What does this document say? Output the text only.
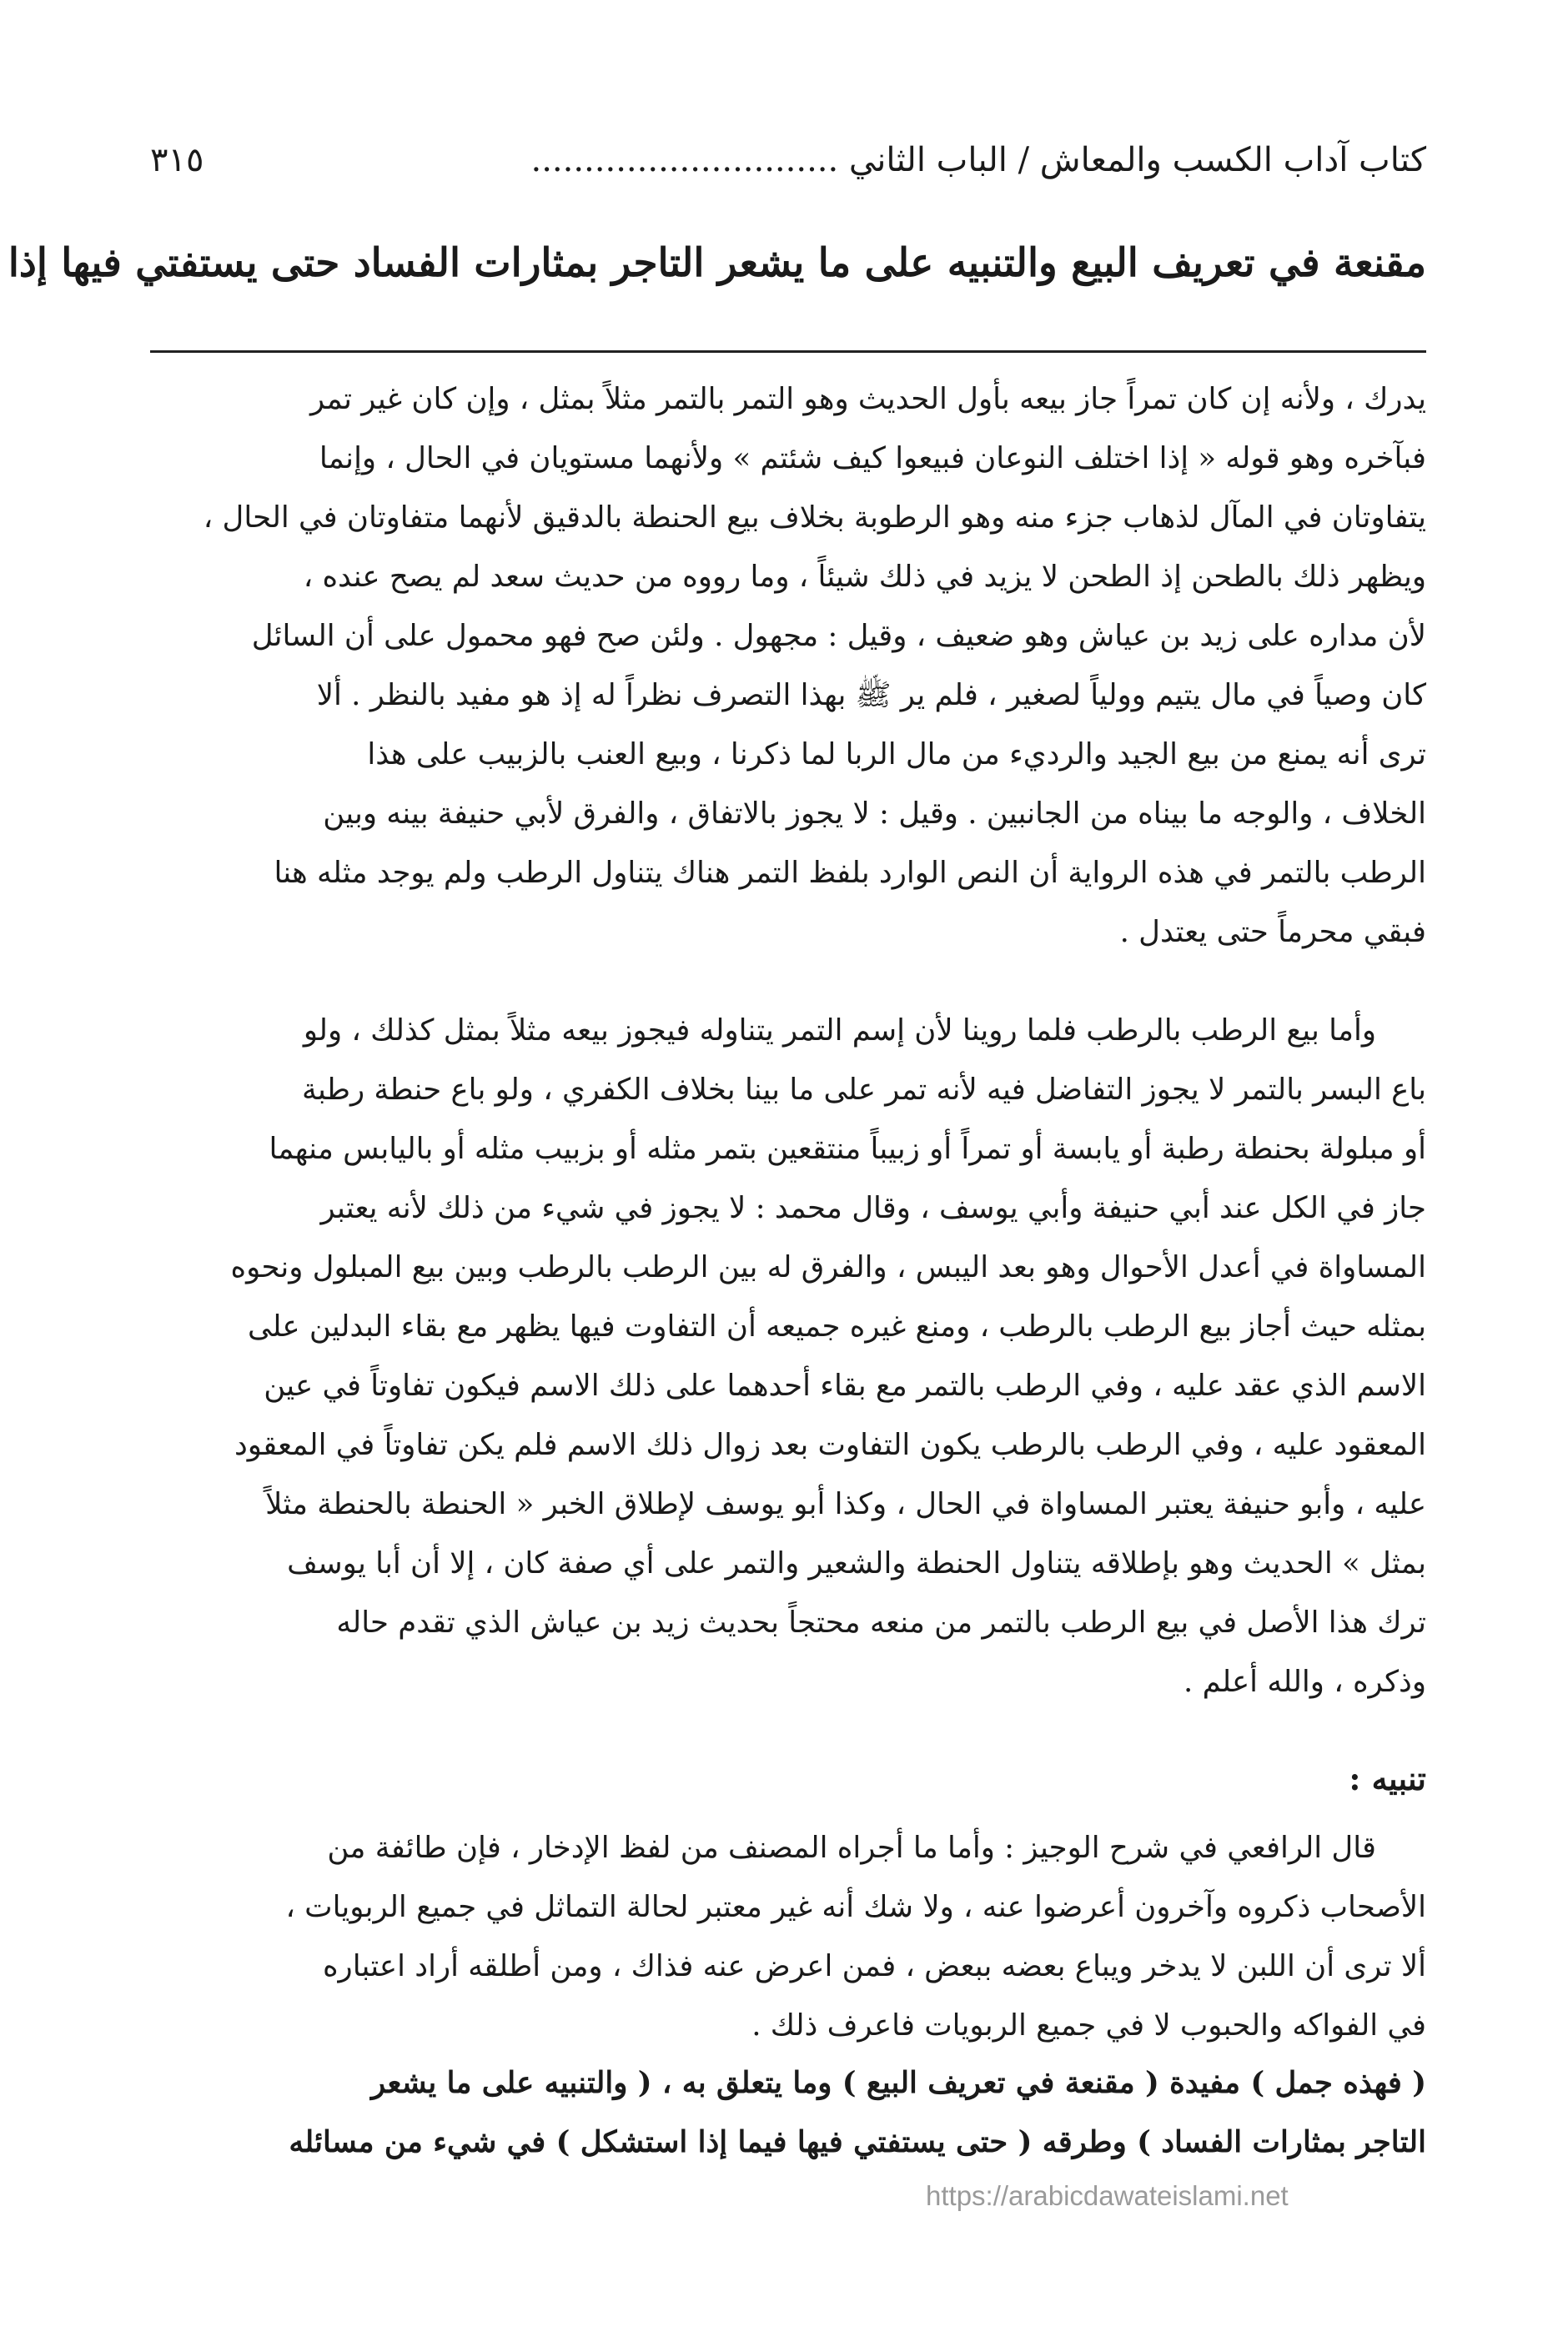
كتاب آداب الكسب والمعاش / الباب الثاني .............................
٣١٥
مقنعة في تعريف البيع والتنبيه على ما يشعر التاجر بمثارات الفساد حتى يستفتي فيها إذا
يدرك ، ولأنه إن كان تمراً جاز بيعه بأول الحديث وهو التمر بالتمر مثلاً بمثل ، وإن كان غير تمر
فبآخره وهو قوله « إذا اختلف النوعان فبيعوا كيف شئتم » ولأنهما مستويان في الحال ، وإنما
يتفاوتان في المآل لذهاب جزء منه وهو الرطوبة بخلاف بيع الحنطة بالدقيق لأنهما متفاوتان في الحال ،
ويظهر ذلك بالطحن إذ الطحن لا يزيد في ذلك شيئاً ، وما رووه من حديث سعد لم يصح عنده ،
لأن مداره على زيد بن عياش وهو ضعيف ، وقيل : مجهول . ولئن صح فهو محمول على أن السائل
كان وصياً في مال يتيم وولياً لصغير ، فلم ير ﷺ بهذا التصرف نظراً له إذ هو مفيد بالنظر . ألا
ترى أنه يمنع من بيع الجيد والرديء من مال الربا لما ذكرنا ، وبيع العنب بالزبيب على هذا
الخلاف ، والوجه ما بيناه من الجانبين . وقيل : لا يجوز بالاتفاق ، والفرق لأبي حنيفة بينه وبين
الرطب بالتمر في هذه الرواية أن النص الوارد بلفظ التمر هناك يتناول الرطب ولم يوجد مثله هنا
فبقي محرماً حتى يعتدل .
وأما بيع الرطب بالرطب فلما روينا لأن إسم التمر يتناوله فيجوز بيعه مثلاً بمثل كذلك ، ولو
باع البسر بالتمر لا يجوز التفاضل فيه لأنه تمر على ما بينا بخلاف الكفري ، ولو باع حنطة رطبة
أو مبلولة بحنطة رطبة أو يابسة أو تمراً أو زبيباً منتقعين بتمر مثله أو بزبيب مثله أو باليابس منهما
جاز في الكل عند أبي حنيفة وأبي يوسف ، وقال محمد : لا يجوز في شيء من ذلك لأنه يعتبر
المساواة في أعدل الأحوال وهو بعد اليبس ، والفرق له بين الرطب بالرطب وبين بيع المبلول ونحوه
بمثله حيث أجاز بيع الرطب بالرطب ، ومنع غيره جميعه أن التفاوت فيها يظهر مع بقاء البدلين على
الاسم الذي عقد عليه ، وفي الرطب بالتمر مع بقاء أحدهما على ذلك الاسم فيكون تفاوتاً في عين
المعقود عليه ، وفي الرطب بالرطب يكون التفاوت بعد زوال ذلك الاسم فلم يكن تفاوتاً في المعقود
عليه ، وأبو حنيفة يعتبر المساواة في الحال ، وكذا أبو يوسف لإطلاق الخبر « الحنطة بالحنطة مثلاً
بمثل » الحديث وهو بإطلاقه يتناول الحنطة والشعير والتمر على أي صفة كان ، إلا أن أبا يوسف
ترك هذا الأصل في بيع الرطب بالتمر من منعه محتجاً بحديث زيد بن عياش الذي تقدم حاله
وذكره ، والله أعلم .
تنبيه :
قال الرافعي في شرح الوجيز : وأما ما أجراه المصنف من لفظ الإدخار ، فإن طائفة من
الأصحاب ذكروه وآخرون أعرضوا عنه ، ولا شك أنه غير معتبر لحالة التماثل في جميع الربويات ،
ألا ترى أن اللبن لا يدخر ويباع بعضه ببعض ، فمن اعرض عنه فذاك ، ومن أطلقه أراد اعتباره
في الفواكه والحبوب لا في جميع الربويات فاعرف ذلك .
( فهذه جمل ) مفيدة ( مقنعة في تعريف البيع ) وما يتعلق به ، ( والتنبيه على ما يشعر
التاجر بمثارات الفساد ) وطرقه ( حتى يستفتي فيها فيما إذا استشكل ) في شيء من مسائله
https://arabicdawateislami.net
